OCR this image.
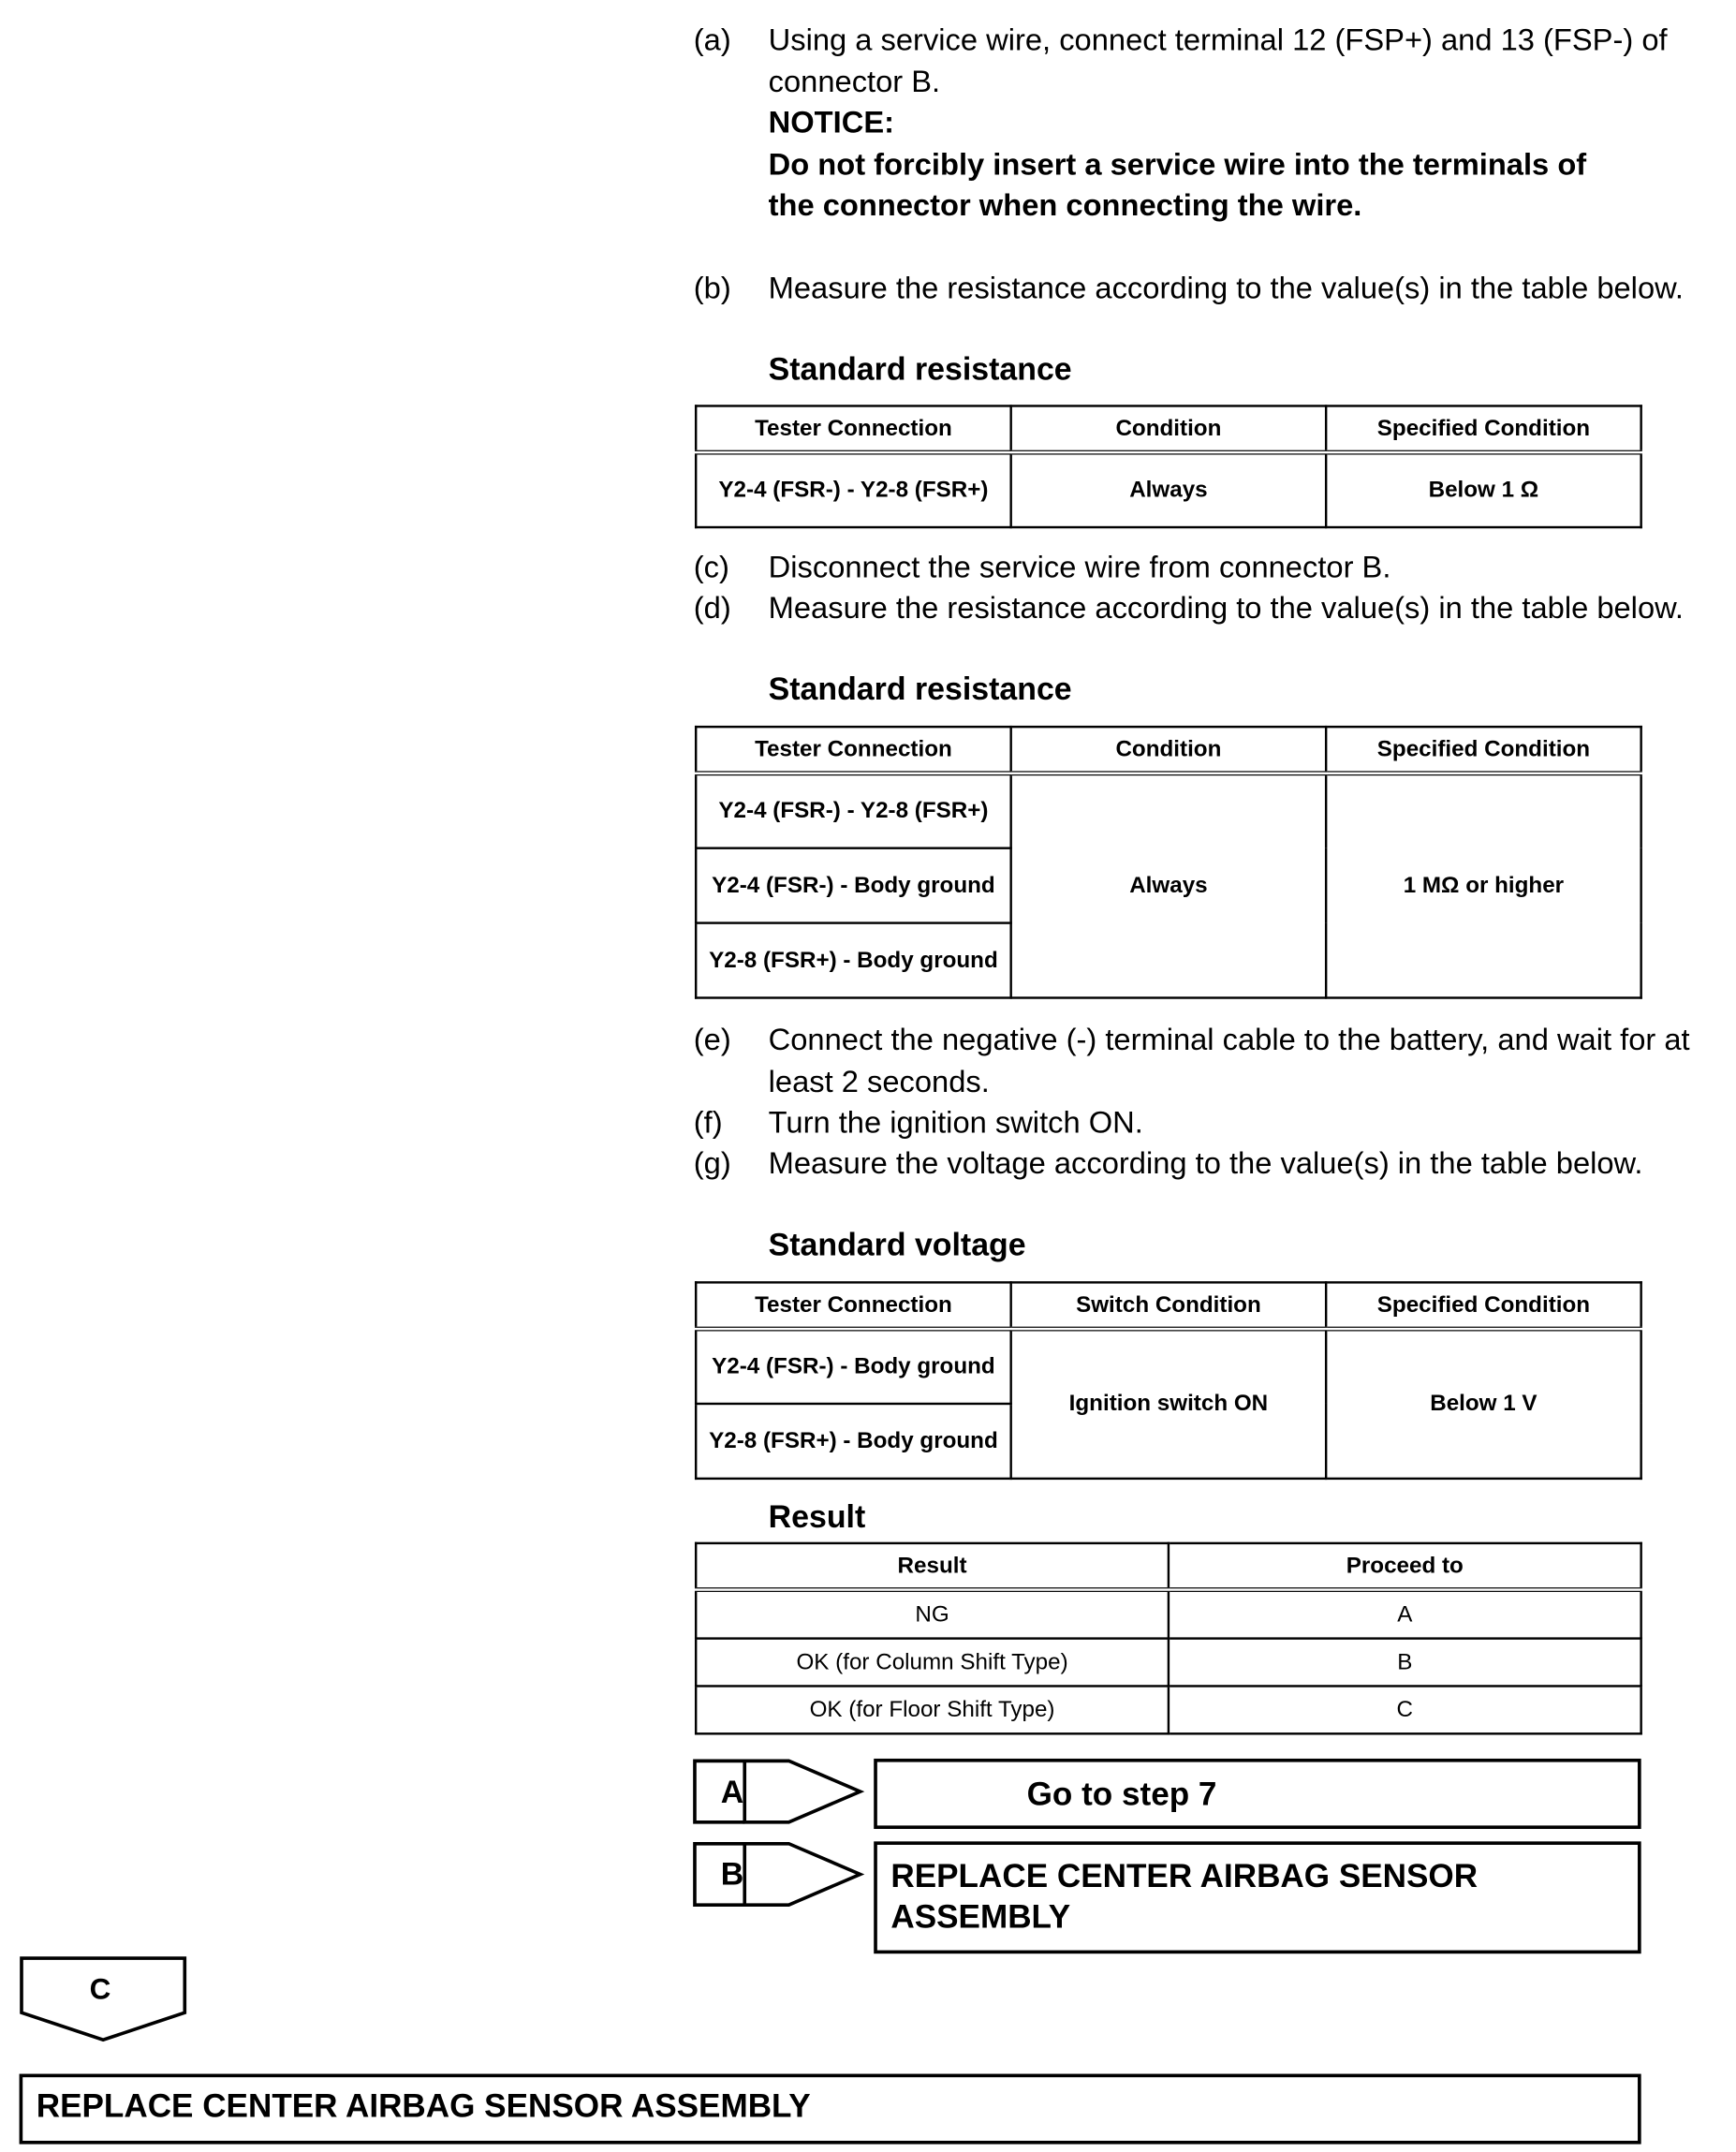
(a) Using a service wire, connect terminal 12 (FSP+) and 13 (FSP-) of connector B.
NOTICE:
Do not forcibly insert a service wire into the terminals of the connector when connecting the wire.
(b) Measure the resistance according to the value(s) in the table below.
Standard resistance
Tester Connection	Condition	Specified Condition
Y2-4 (FSR-) - Y2-8 (FSR+)	Always	Below 1 Ω
(c) Disconnect the service wire from connector B.
(d) Measure the resistance according to the value(s) in the table below.
Standard resistance
Tester Connection	Condition	Specified Condition
Y2-4 (FSR-) - Y2-8 (FSR+)	Always	1 MΩ or higher
Y2-4 (FSR-) - Body ground		
Y2-8 (FSR+) - Body ground		
(e) Connect the negative (-) terminal cable to the battery, and wait for at least 2 seconds.
(f) Turn the ignition switch ON.
(g) Measure the voltage according to the value(s) in the table below.
Standard voltage
Tester Connection	Switch Condition	Specified Condition
Y2-4 (FSR-) - Body ground	Ignition switch ON	Below 1 V
Y2-8 (FSR+) - Body ground		
Result
Result	Proceed to
NG	A
OK (for Column Shift Type)	B
OK (for Floor Shift Type)	C
A	Go to step 7
B	REPLACE CENTER AIRBAG SENSOR ASSEMBLY
C
REPLACE CENTER AIRBAG SENSOR ASSEMBLY
